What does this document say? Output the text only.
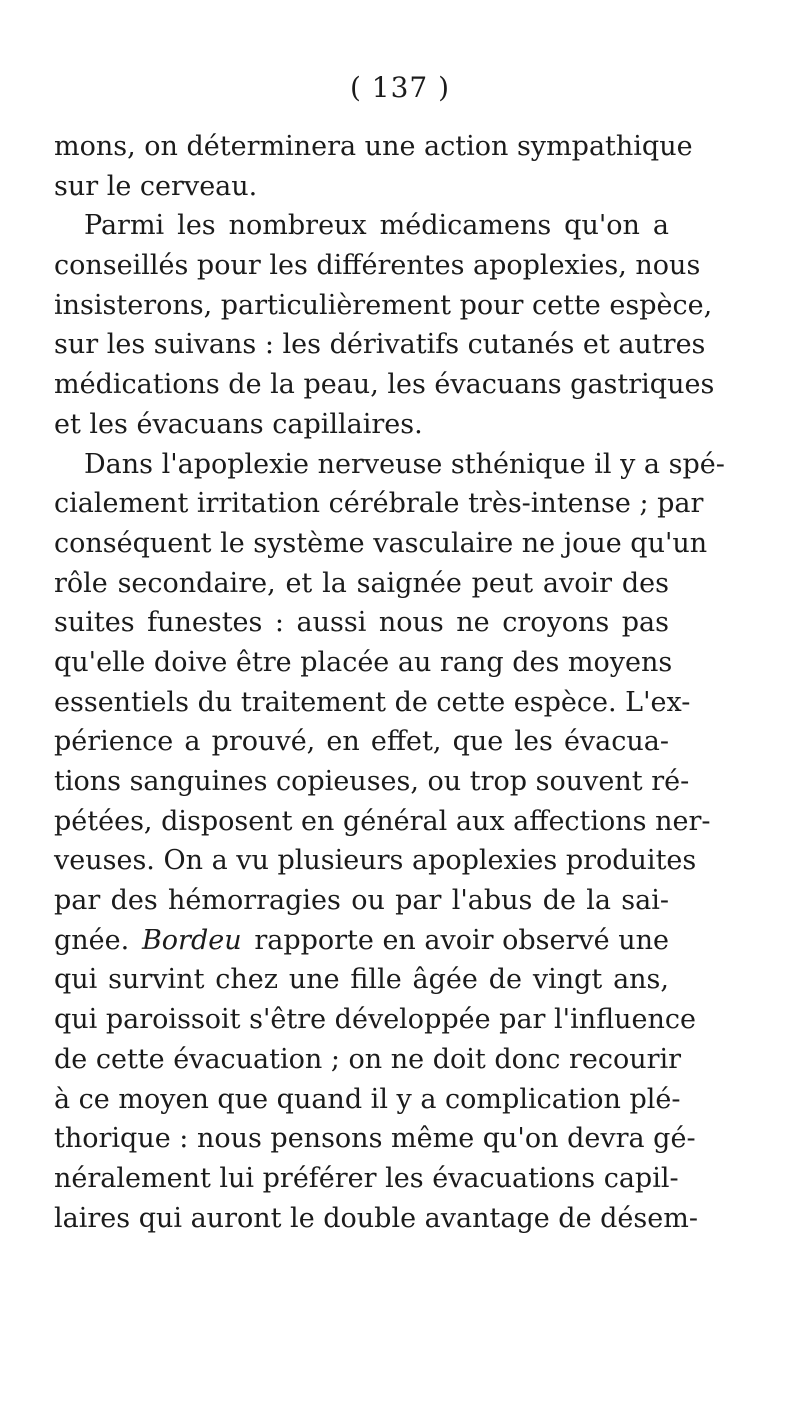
( 137 )
mons, on déterminera une action sympathique
sur le cerveau.
Parmi les nombreux médicamens qu'on a
conseillés pour les différentes apoplexies, nous
insisterons, particulièrement pour cette espèce,
sur les suivans : les dérivatifs cutanés et autres
médications de la peau, les évacuans gastriques
et les évacuans capillaires.
Dans l'apoplexie nerveuse sthénique il y a spé-
cialement irritation cérébrale très-intense ; par
conséquent le système vasculaire ne joue qu'un
rôle secondaire, et la saignée peut avoir des
suites funestes : aussi nous ne croyons pas
qu'elle doive être placée au rang des moyens
essentiels du traitement de cette espèce. L'ex-
périence a prouvé, en effet, que les évacua-
tions sanguines copieuses, ou trop souvent ré-
pétées, disposent en général aux affections ner-
veuses. On a vu plusieurs apoplexies produites
par des hémorragies ou par l'abus de la sai-
gnée. Bordeu rapporte en avoir observé une
qui survint chez une fille âgée de vingt ans,
qui paroissoit s'être développée par l'influence
de cette évacuation ; on ne doit donc recourir
à ce moyen que quand il y a complication plé-
thorique : nous pensons même qu'on devra gé-
néralement lui préférer les évacuations capil-
laires qui auront le double avantage de désem-
